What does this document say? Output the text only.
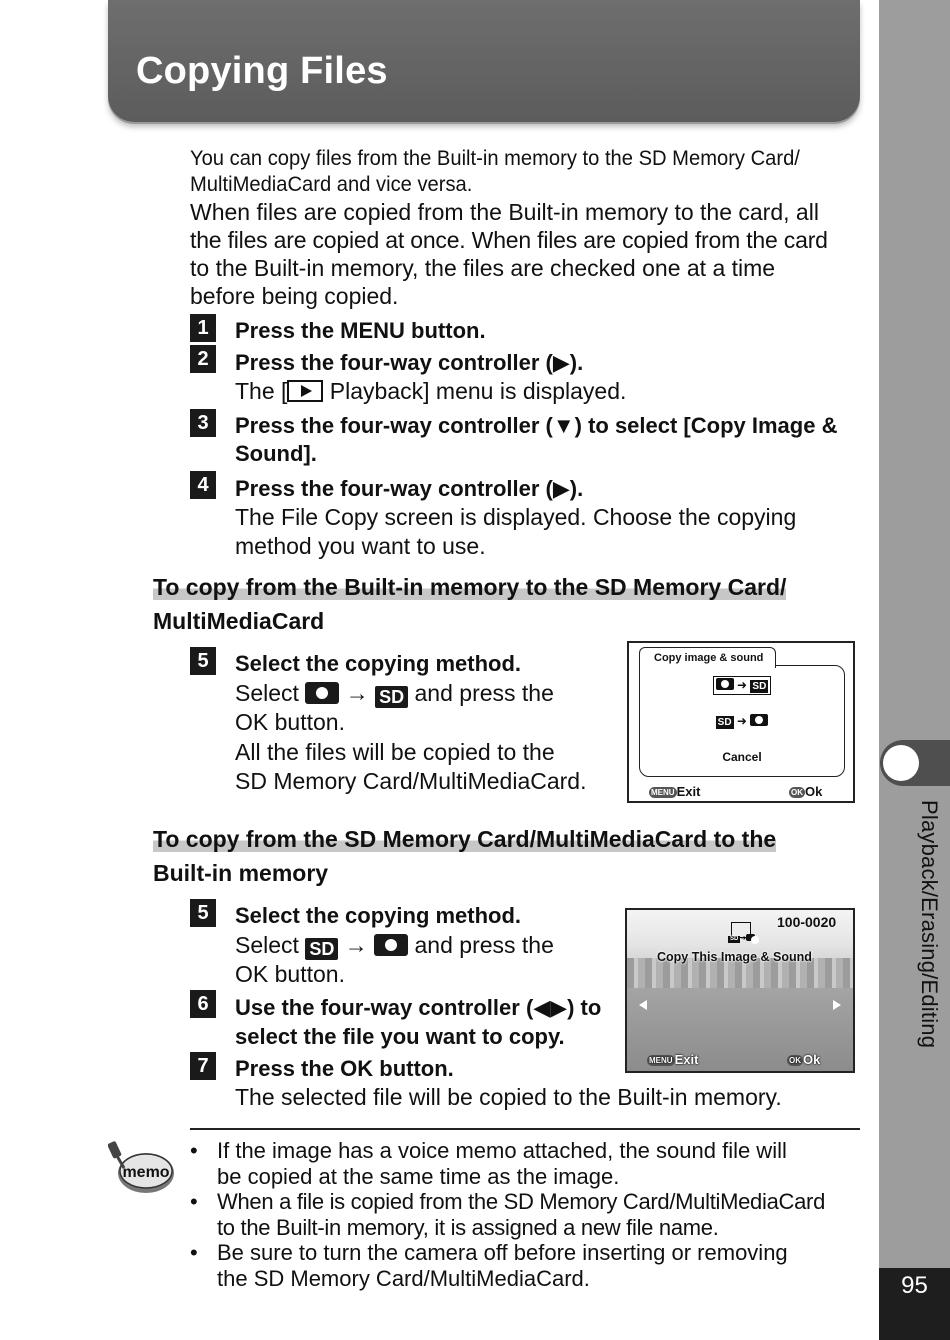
Copying Files
Playback/Erasing/Editing
95
You can copy files from the Built-in memory to the SD Memory Card/
MultiMediaCard and vice versa.
When files are copied from the Built-in memory to the card, all
the files are copied at once. When files are copied from the card
to the Built-in memory, the files are checked one at a time
before being copied.
1	Press the MENU button.
2	Press the four-way controller (▶).
The [ Playback] menu is displayed.
3	Press the four-way controller (▼) to select [Copy Image &
Sound].
4	Press the four-way controller (▶).
The File Copy screen is displayed. Choose the copying
method you want to use.
To copy from the Built-in memory to the SD Memory Card/
MultiMediaCard
5	Select the copying method.
Select → SD and press the
OK button.
All the files will be copied to the
SD Memory Card/MultiMediaCard.
➜ SD
SD ➜
Cancel
Copy image & sound
MENU Exit	OK Ok
To copy from the SD Memory Card/MultiMediaCard to the
Built-in memory
5	Select the copying method.
Select SD → and press the
OK button.
6	Use the four-way controller (◀▶) to
select the file you want to copy.
7	Press the OK button.
The selected file will be copied to the Built-in memory.
SD ➜
100-0020
Copy This Image & Sound
MENU Exit	OK Ok
memo
• If the image has a voice memo attached, the sound file will
be copied at the same time as the image.
• When a file is copied from the SD Memory Card/MultiMediaCard
to the Built-in memory, it is assigned a new file name.
• Be sure to turn the camera off before inserting or removing
the SD Memory Card/MultiMediaCard.
